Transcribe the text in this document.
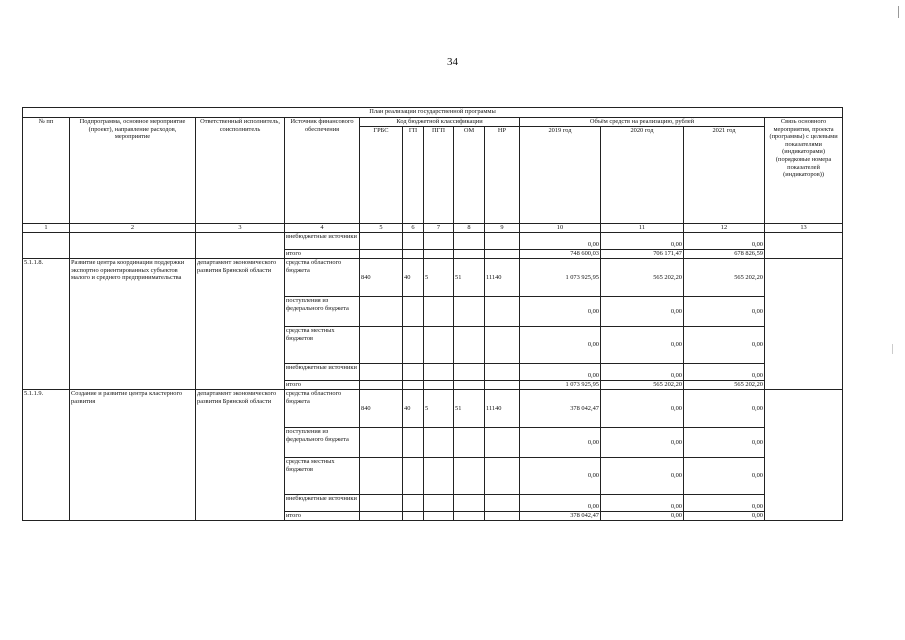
34
План реализации государственной программы												
№ пп	Подпрограмма, основное мероприятие (проект), направление расходов, мероприятие	Ответственный исполнитель, соисполнитель	Источник финансового обеспечения	Код бюджетной классификации					Объём средств на реализацию, рублей			Связь основного мероприятия, проекта (программы) с целевыми показателями (индикаторами) (порядковые номера показателей (индикаторов))
				ГРБС	ГП	ПГП	ОМ	НР	2019 год	2020 год	2021 год	
1	2	3	4	5	6	7	8	9	10	11	12	13
			внебюджетные источники						0,00	0,00	0,00	
			итого						748 600,03	706 171,47	678 826,59	
5.1.1.8.	Развитие центра координации поддержки экспортно ориентированных субъектов малого и среднего предпринимательства	департамент экономического развития Брянской области	средства областного бюджета	840	40	5	51	11140	1 073 925,95	565 202,20	565 202,20	
			поступления из федерального бюджета						0,00	0,00	0,00	
			средства местных бюджетов						0,00	0,00	0,00	
			внебюджетные источники						0,00	0,00	0,00	
			итого						1 073 925,95	565 202,20	565 202,20	
5.1.1.9.	Создание и развитие центра кластерного развития	департамент экономического развития Брянской области	средства областного бюджета	840	40	5	51	11140	378 042,47	0,00	0,00	
			поступления из федерального бюджета						0,00	0,00	0,00	
			средства местных бюджетов						0,00	0,00	0,00	
			внебюджетные источники						0,00	0,00	0,00	
			итого						378 042,47	0,00	0,00	
